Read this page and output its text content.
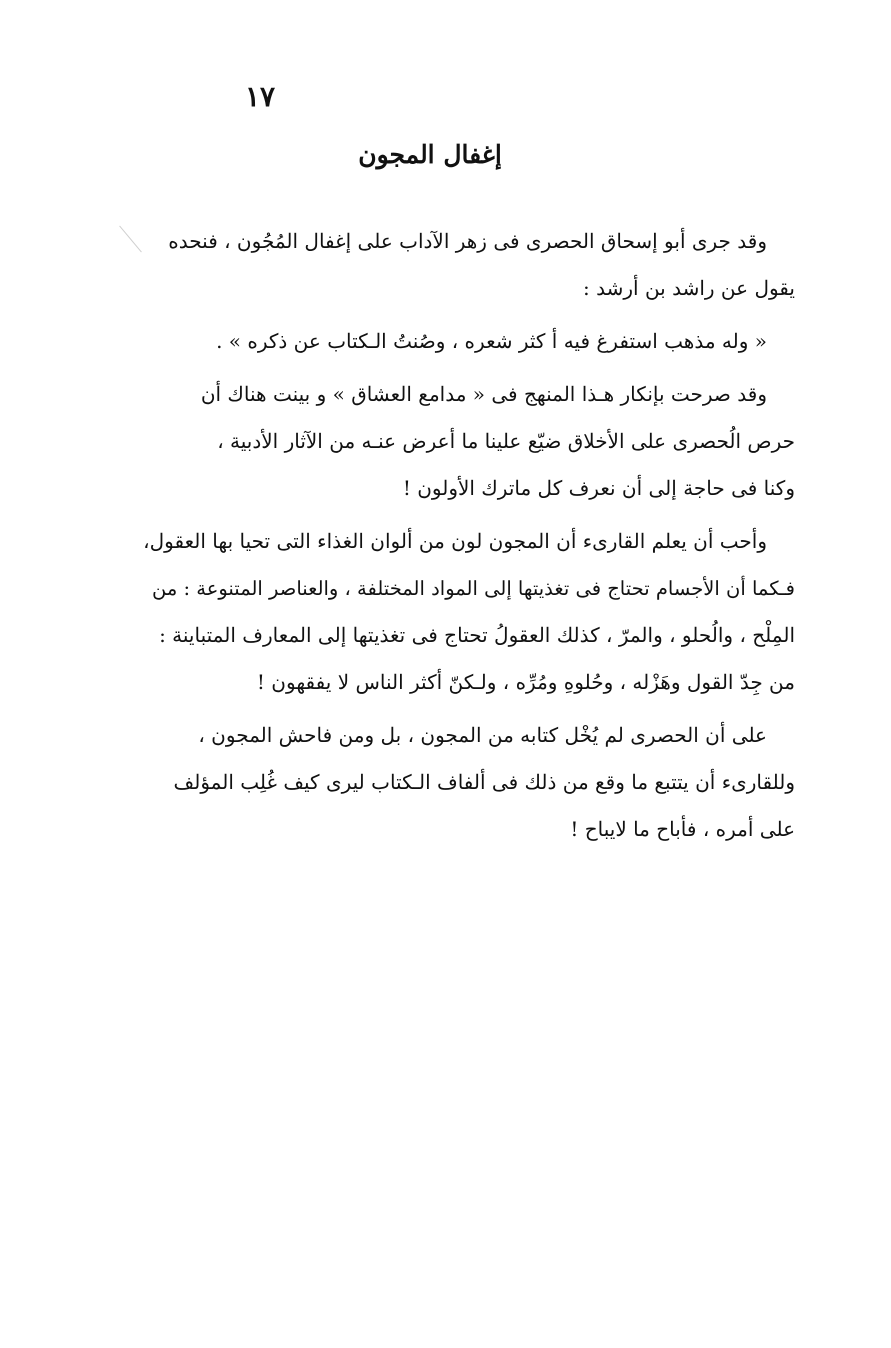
١٧
إغفال المجون
وقد جرى أبو إسحاق الحصرى فى زهر الآداب على إغفال المُجُون ، فنحده
يقول عن راشد بن أرشد :
« وله مذهب استفرغ فيه أ كثر شعره ، وصُنتُ الـكتاب عن ذكره » .
وقد صرحت بإنكار هـذا المنهج فى « مدامع العشاق » و بينت هناك أن
حرص الُحصرى على الأخلاق ضيّع علينا ما أعرض عنـه من الآثار الأدبية ،
وكنا فى حاجة إلى أن نعرف كل ماترك الأولون !
وأحب أن يعلم القارىء أن المجون لون من ألوان الغذاء التى تحيا بها العقول،
فـكما أن الأجسام تحتاج فى تغذيتها إلى المواد المختلفة ، والعناصر المتنوعة : من
المِلْح ، والُحلو ، والمرّ ، كذلك العقولُ تحتاج فى تغذيتها إلى المعارف المتباينة :
من جِدّ القول وهَزْله ، وحُلوهِ ومُرِّه ، ولـكنّ أكثر الناس لا يفقهون !
على أن الحصرى لم يُخْل كتابه من المجون ، بل ومن فاحش المجون ،
وللقارىء أن يتتبع ما وقع من ذلك فى ألفاف الـكتاب ليرى كيف غُلِب المؤلف
على أمره ، فأباح ما لايباح !
